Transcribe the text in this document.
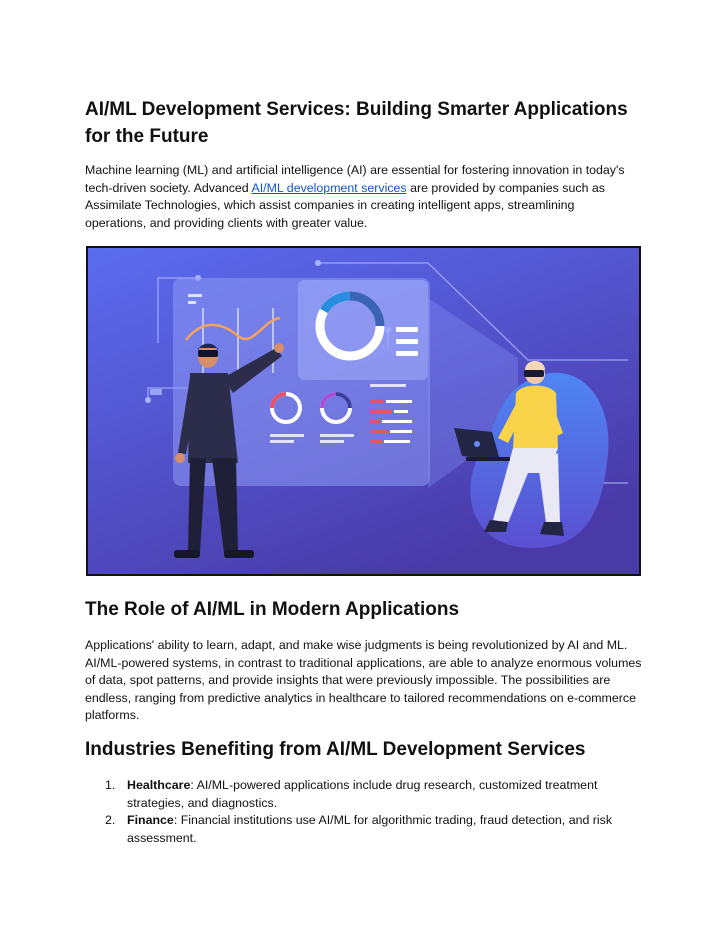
AI/ML Development Services: Building Smarter Applications for the Future

Machine learning (ML) and artificial intelligence (AI) are essential for fostering innovation in today's tech-driven society. Advanced AI/ML development services are provided by companies such as Assimilate Technologies, which assist companies in creating intelligent apps, streamlining operations, and providing clients with greater value.

The Role of AI/ML in Modern Applications

Applications' ability to learn, adapt, and make wise judgments is being revolutionized by AI and ML. AI/ML-powered systems, in contrast to traditional applications, are able to analyze enormous volumes of data, spot patterns, and provide insights that were previously impossible. The possibilities are endless, ranging from predictive analytics in healthcare to tailored recommendations on e-commerce platforms.

Industries Benefiting from AI/ML Development Services
1. Healthcare: AI/ML-powered applications include drug research, customized treatment strategies, and diagnostics.
2. Finance: Financial institutions use AI/ML for algorithmic trading, fraud detection, and risk assessment.
